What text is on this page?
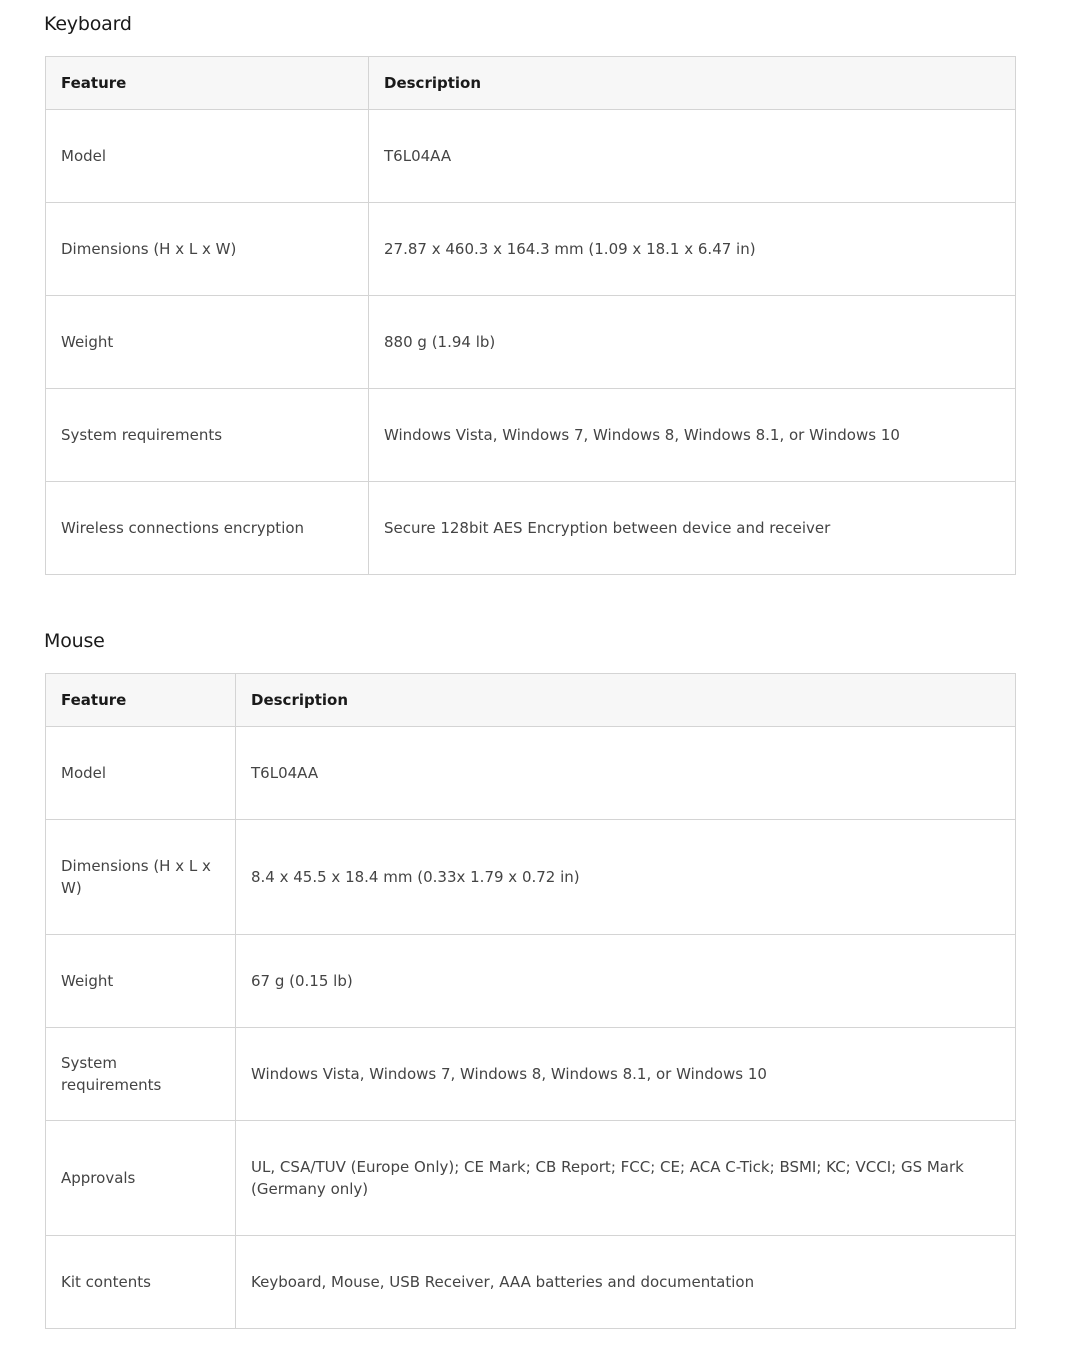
Keyboard
Feature	Description
Model	T6L04AA
Dimensions (H x L x W)	27.87 x 460.3 x 164.3 mm (1.09 x 18.1 x 6.47 in)
Weight	880 g (1.94 lb)
System requirements	Windows Vista, Windows 7, Windows 8, Windows 8.1, or Windows 10
Wireless connections encryption	Secure 128bit AES Encryption between device and receiver
Mouse
Feature	Description
Model	T6L04AA
Dimensions (H x L x W)	8.4 x 45.5 x 18.4 mm (0.33x 1.79 x 0.72 in)
Weight	67 g (0.15 lb)
System requirements	Windows Vista, Windows 7, Windows 8, Windows 8.1, or Windows 10
Approvals	UL, CSA/TUV (Europe Only); CE Mark; CB Report; FCC; CE; ACA C-Tick; BSMI; KC; VCCI; GS Mark (Germany only)
Kit contents	Keyboard, Mouse, USB Receiver, AAA batteries and documentation
